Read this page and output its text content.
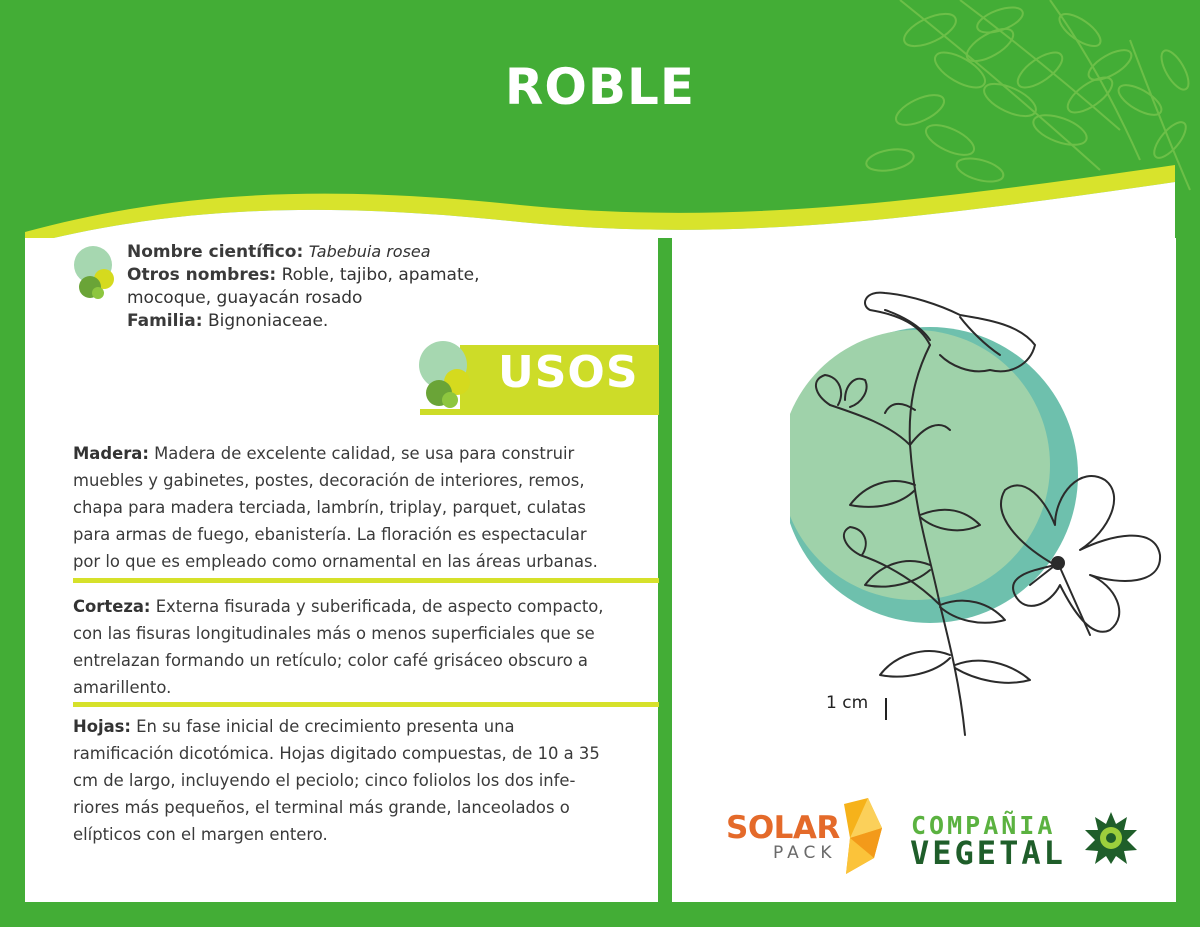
ROBLE
Nombre científico: Tabebuia rosea
Otros nombres: Roble, tajibo, apamate,
mocoque, guayacán rosado
Familia: Bignoniaceae.
USOS
Madera: Madera de excelente calidad, se usa para construir
muebles y gabinetes, postes, decoración de interiores, remos,
chapa para madera terciada, lambrín, triplay, parquet, culatas
para armas de fuego, ebanistería. La floración es espectacular
por lo que es empleado como ornamental en las áreas urbanas.
Corteza: Externa fisurada y suberificada, de aspecto compacto,
con las fisuras longitudinales más o menos superficiales que se
entrelazan formando un retículo; color café grisáceo obscuro a
amarillento.
Hojas: En su fase inicial de crecimiento presenta una
ramificación dicotómica. Hojas digitado compuestas, de 10 a 35
cm de largo, incluyendo el peciolo; cinco foliolos los dos infe-
riores más pequeños, el terminal más grande, lanceolados o
elípticos con el margen entero.
1 cm
SOLAR
PACK
COMPAÑIA
VEGETAL
